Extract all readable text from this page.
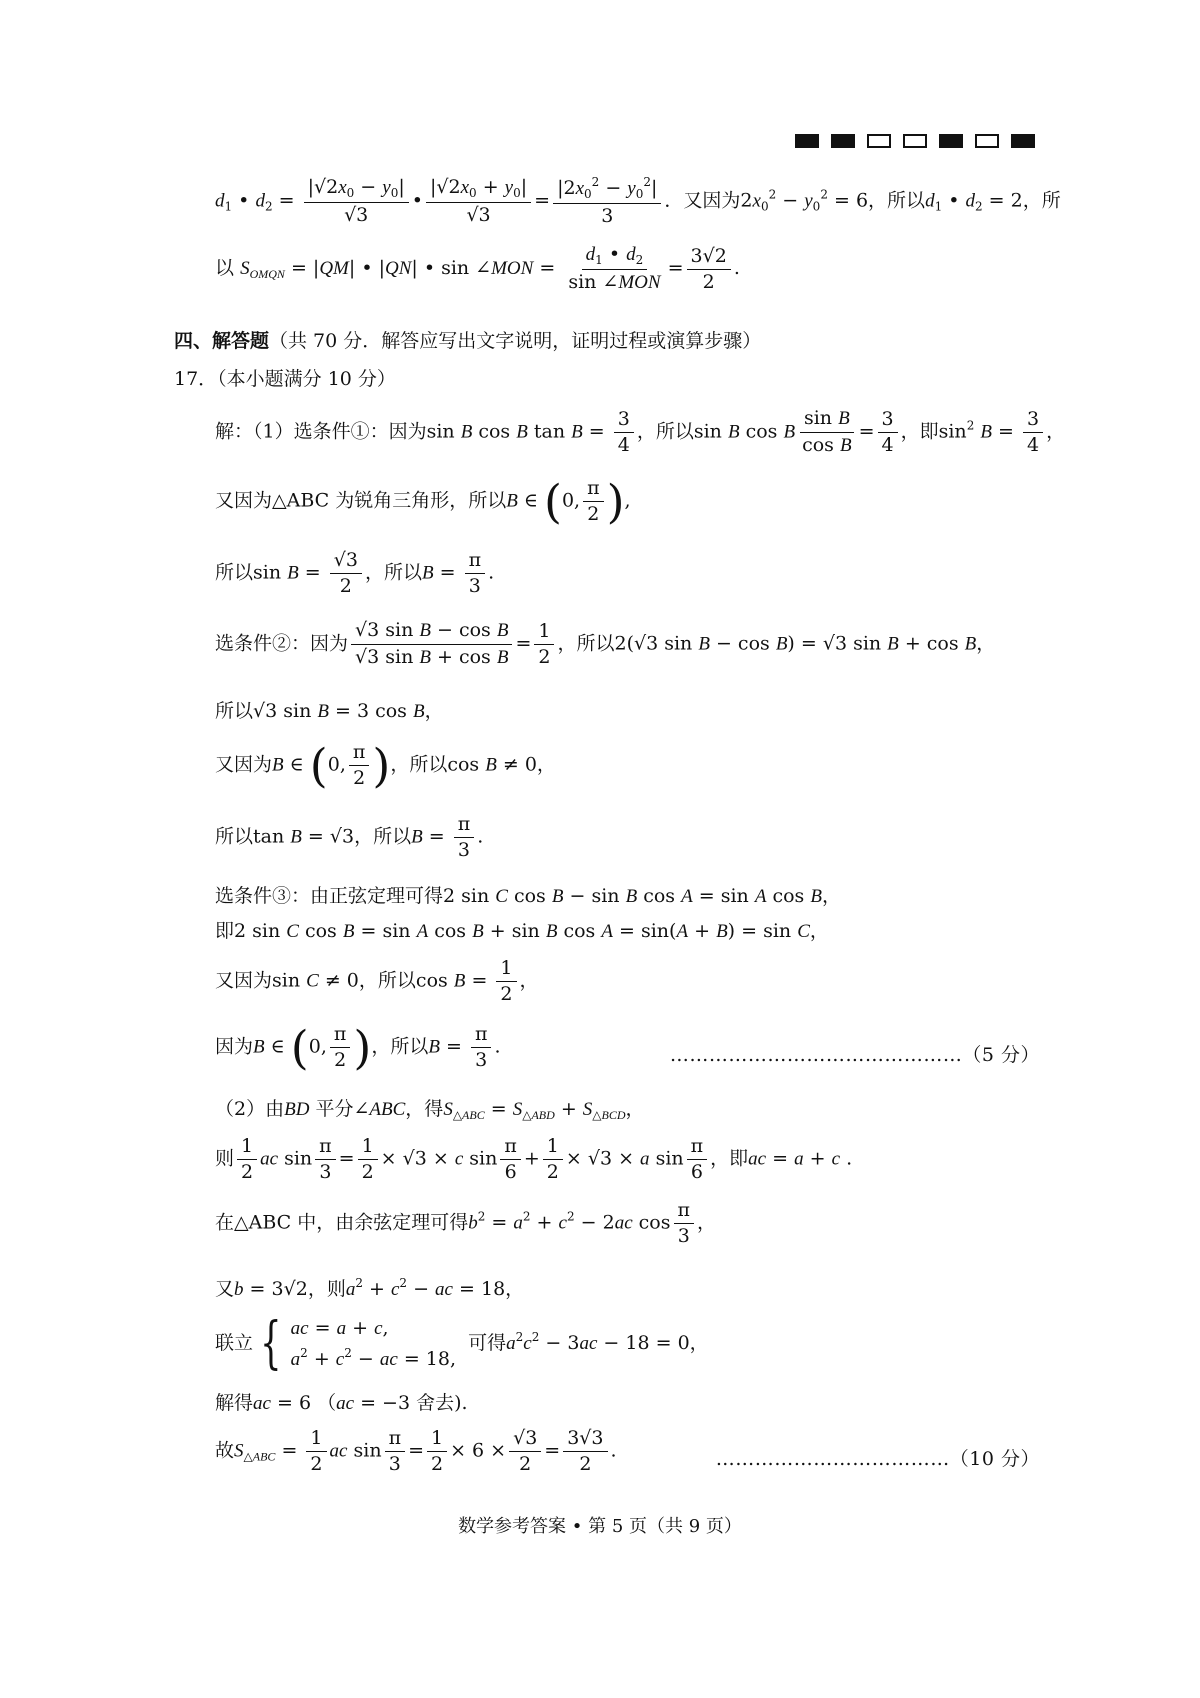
$d_1$ • $d_2 = \frac{|√2x_0 - y_0|}{√3}$ • $\frac{|√2x_0 + y_0|}{√3} = \frac{|2x_0^2 - y_0^2|}{3}$ ．又因为$2x_0^2 - y_0^2 = 6$，所以$d_1$ • $d_2 = 2$，所
以 $S_{OMQN} = |QM|$ • |QN| • sin ∠MON = $\frac{d_1 • d_2}{\text{sin ∠MON}} = \frac{3√2}{2}$ .
四、解答题（共 70 分．解答应写出文字说明，证明过程或演算步骤）
17．（本小题满分 10 分）
解：（1）选条件①：因为sin B cos B $\tan B = \frac{3}{4}$ ，所以sin B cos B $\frac{\text{sin B}}{\text{cos B}} = \frac{3}{4}$ ，即$\sin^2 B = \frac{3}{4}$ ，
又因为△ABC 为锐角三角形，所以B ∈ (0, $\frac{\pi}{2}$ ),
所以$\sin B = \frac{√3}{2}$ ，所以$B = \frac{\pi}{3}$ .
选条件②：因为 $\frac{\text{√3 sin B − cos B}}{\text{√3 sin B + cos B}} = \frac{1}{2}$ ，所以2(√3 sin B − cos B) = √3 sin B + cos B，
所以√3 sin B = 3 cos B，
又因为B ∈ (0, $\frac{\pi}{2}$ )，所以cos B ≠ 0，
所以tan B = √3，所以$B = \frac{\pi}{3}$ .
选条件③：由正弦定理可得2 sin C cos B − sin B cos A = sin A cos B，
即2 sin C cos B = sin A cos B + sin B cos A = sin(A + B) = sin C，
又因为sin C ≠ 0，所以$\cos B = \frac{1}{2}$ ，
因为B ∈ (0, $\frac{\pi}{2}$ )，所以$B = \frac{\pi}{3}$ .	………………………………………（5 分）
（2）由BD 平分∠ABC，得$S_{\triangle ABC} = S_{\triangle ABD} + S_{\triangle BCD}$，
则 $\frac{1}{2}$ ac $\sin \frac{\pi}{3} = \frac{1}{2} \times √3 \times c$ $\sin \frac{\pi}{6} + \frac{1}{2} \times √3 \times a$ $\sin \frac{\pi}{6}$ ，即ac = a + c .
在△ABC 中，由余弦定理可得$b^2 = a^2 + c^2 - 2ac$ $\cos \frac{\pi}{3}$ ，
又b = 3√2，则$a^2 + c^2$ − ac = 18，
联立 { ac = a + c,
$a^2 + c^2$ − ac = 18,
可得$a^2c^2 - 3ac - 18 = 0$，
解得ac = 6 （ac = −3 舍去).
故$S_{\triangle ABC} = \frac{1}{2}$ ac $\sin \frac{\pi}{3} = \frac{1}{2} \times 6 \times \frac{√3}{2} = \frac{3√3}{2}$ .	………………………………（10 分）
数学参考答案 • 第 5 页（共 9 页）
